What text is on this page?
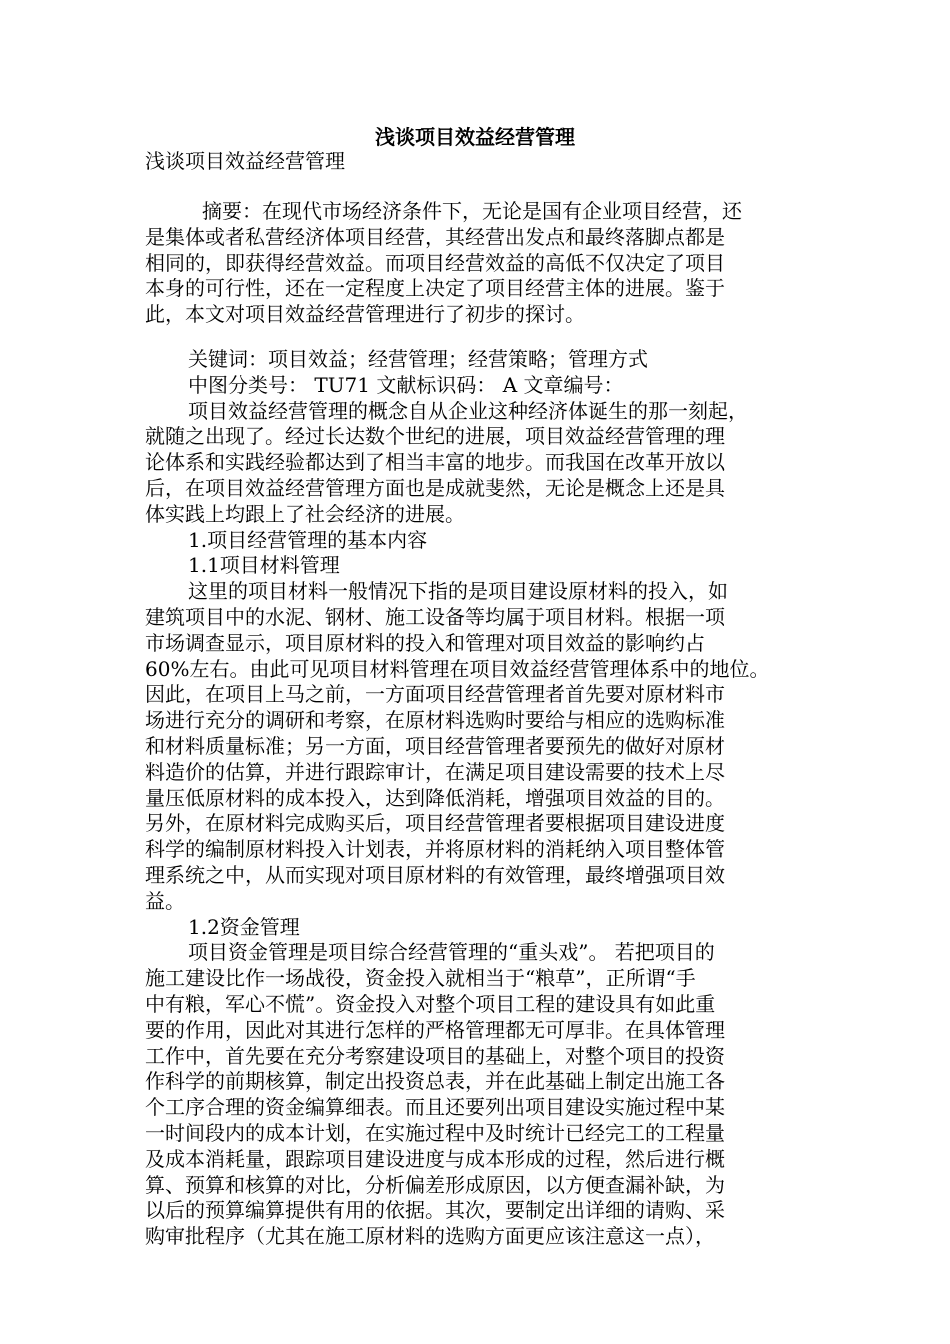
浅谈项目效益经营管理
浅谈项目效益经营管理
摘要：在现代市场经济条件下，无论是国有企业项目经营，还
是集体或者私营经济体项目经营，其经营出发点和最终落脚点都是
相同的，即获得经营效益。而项目经营效益的高低不仅决定了项目
本身的可行性，还在一定程度上决定了项目经营主体的进展。鉴于
此，本文对项目效益经营管理进行了初步的探讨。
关键词：项目效益；经营管理；经营策略；管理方式
中图分类号： TU71 文献标识码： A 文章编号：
项目效益经营管理的概念自从企业这种经济体诞生的那一刻起，
就随之出现了。经过长达数个世纪的进展，项目效益经营管理的理
论体系和实践经验都达到了相当丰富的地步。而我国在改革开放以
后，在项目效益经营管理方面也是成就斐然，无论是概念上还是具
体实践上均跟上了社会经济的进展。
1.项目经营管理的基本内容
1.1项目材料管理
这里的项目材料一般情况下指的是项目建设原材料的投入，如
建筑项目中的水泥、钢材、施工设备等均属于项目材料。根据一项
市场调查显示，项目原材料的投入和管理对项目效益的影响约占
60%左右。由此可见项目材料管理在项目效益经营管理体系中的地位。
因此，在项目上马之前，一方面项目经营管理者首先要对原材料市
场进行充分的调研和考察，在原材料选购时要给与相应的选购标准
和材料质量标准；另一方面，项目经营管理者要预先的做好对原材
料造价的估算，并进行跟踪审计，在满足项目建设需要的技术上尽
量压低原材料的成本投入，达到降低消耗，增强项目效益的目的。
另外，在原材料完成购买后，项目经营管理者要根据项目建设进度
科学的编制原材料投入计划表，并将原材料的消耗纳入项目整体管
理系统之中，从而实现对项目原材料的有效管理，最终增强项目效
益。
1.2资金管理
项目资金管理是项目综合经营管理的“重头戏”。 若把项目的
施工建设比作一场战役，资金投入就相当于“粮草”，正所谓“手
中有粮，军心不慌”。资金投入对整个项目工程的建设具有如此重
要的作用，因此对其进行怎样的严格管理都无可厚非。在具体管理
工作中，首先要在充分考察建设项目的基础上，对整个项目的投资
作科学的前期核算，制定出投资总表，并在此基础上制定出施工各
个工序合理的资金编算细表。而且还要列出项目建设实施过程中某
一时间段内的成本计划，在实施过程中及时统计已经完工的工程量
及成本消耗量，跟踪项目建设进度与成本形成的过程，然后进行概
算、预算和核算的对比，分析偏差形成原因，以方便查漏补缺，为
以后的预算编算提供有用的依据。其次，要制定出详细的请购、采
购审批程序（尤其在施工原材料的选购方面更应该注意这一点），
